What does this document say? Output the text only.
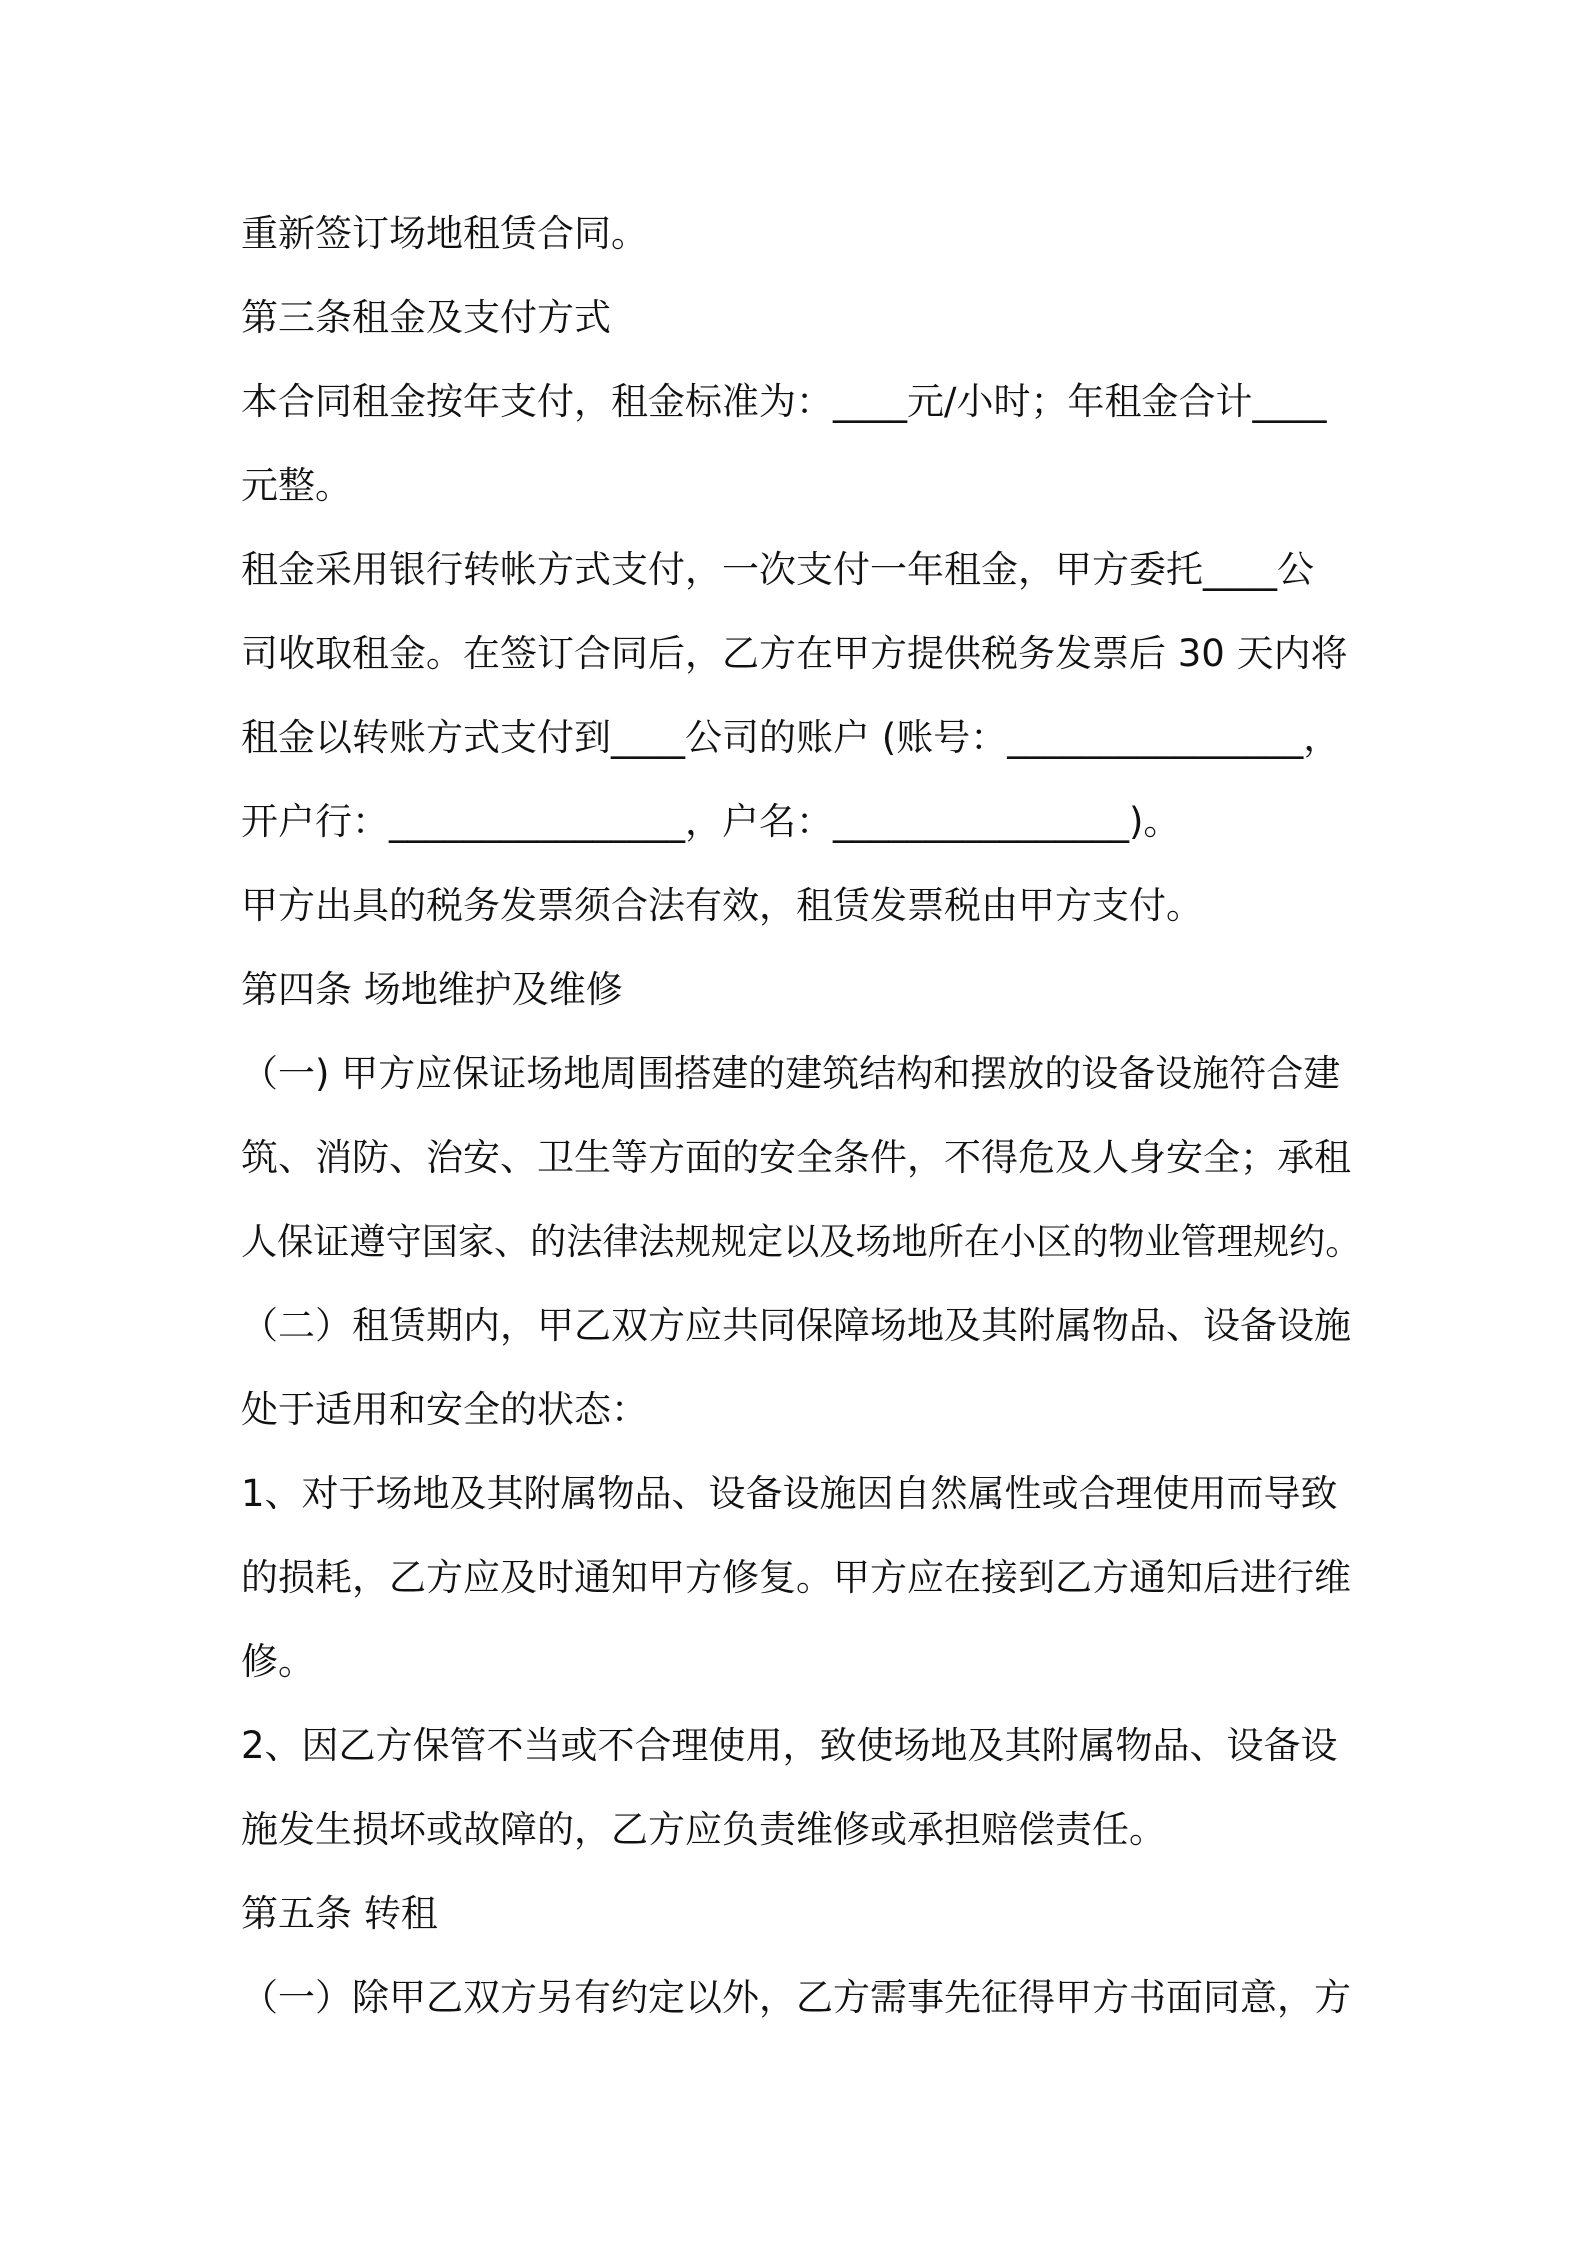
重新签订场地租赁合同。
第三条租金及支付方式
本合同租金按年支付，租金标准为：____元/小时；年租金合计____
元整。
租金采用银行转帐方式支付，一次支付一年租金，甲方委托____公
司收取租金。在签订合同后，乙方在甲方提供税务发票后 30 天内将
租金以转账方式支付到____公司的账户 (账号：________________，
开户行：________________，户名：________________)。
甲方出具的税务发票须合法有效，租赁发票税由甲方支付。
第四条 场地维护及维修
（一) 甲方应保证场地周围搭建的建筑结构和摆放的设备设施符合建
筑、消防、治安、卫生等方面的安全条件，不得危及人身安全；承租
人保证遵守国家、的法律法规规定以及场地所在小区的物业管理规约。
（二）租赁期内，甲乙双方应共同保障场地及其附属物品、设备设施
处于适用和安全的状态：
1、对于场地及其附属物品、设备设施因自然属性或合理使用而导致
的损耗，乙方应及时通知甲方修复。甲方应在接到乙方通知后进行维
修。
2、因乙方保管不当或不合理使用，致使场地及其附属物品、设备设
施发生损坏或故障的，乙方应负责维修或承担赔偿责任。
第五条 转租
（一）除甲乙双方另有约定以外，乙方需事先征得甲方书面同意，方
